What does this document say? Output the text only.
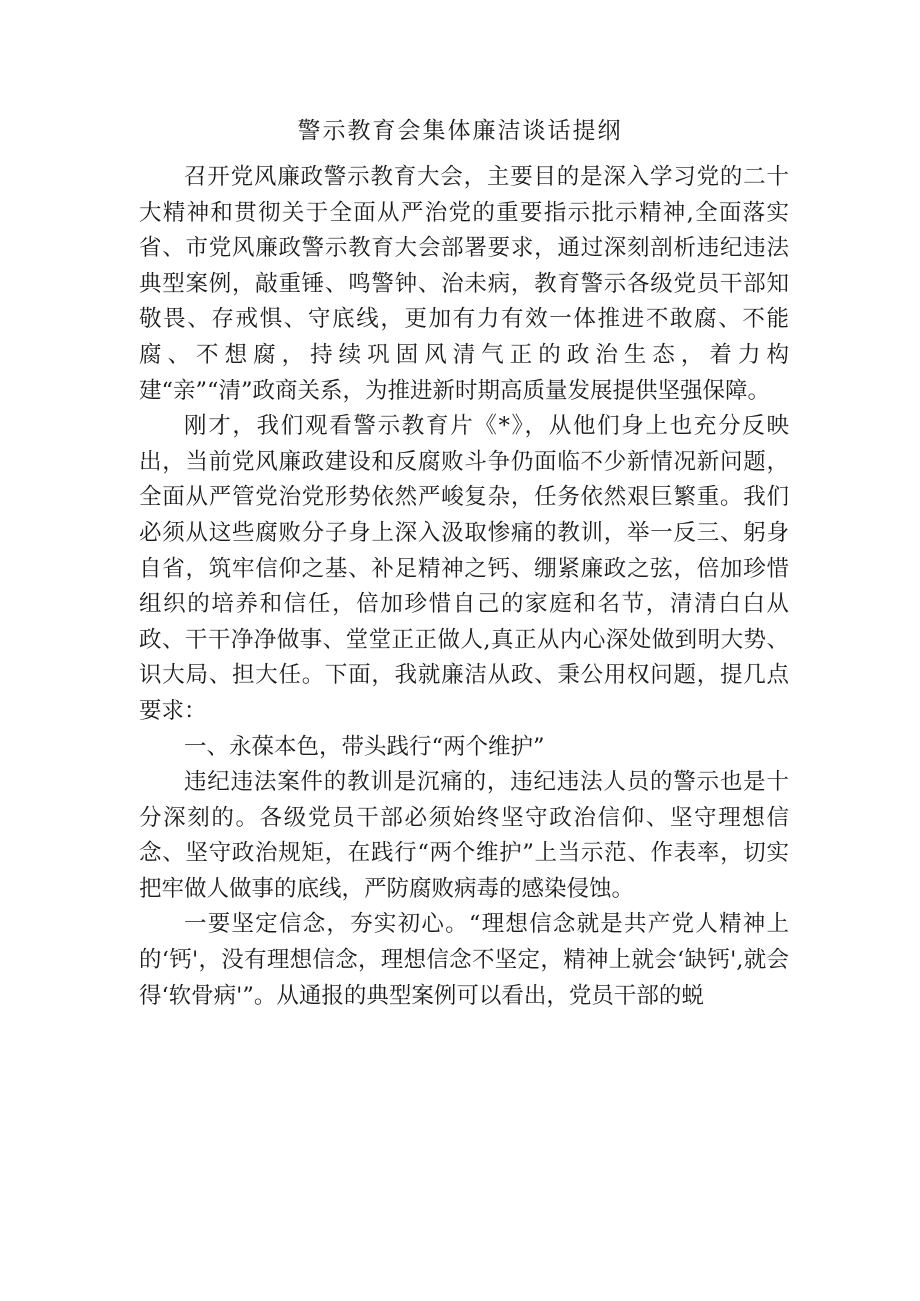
警示教育会集体廉洁谈话提纲

召开党风廉政警示教育大会，主要目的是深入学习党的二十大精神和贯彻关于全面从严治党的重要指示批示精神,全面落实省、市党风廉政警示教育大会部署要求，通过深刻剖析违纪违法典型案例，敲重锤、鸣警钟、治未病，教育警示各级党员干部知敬畏、存戒惧、守底线，更加有力有效一体推进不敢腐、不能腐、不想腐，持续巩固风清气正的政治生态，着力构建“亲”“清”政商关系，为推进新时期高质量发展提供坚强保障。

刚才，我们观看警示教育片《*》，从他们身上也充分反映出，当前党风廉政建设和反腐败斗争仍面临不少新情况新问题，全面从严管党治党形势依然严峻复杂，任务依然艰巨繁重。我们必须从这些腐败分子身上深入汲取惨痛的教训，举一反三、躬身自省，筑牢信仰之基、补足精神之钙、绷紧廉政之弦，倍加珍惜组织的培养和信任，倍加珍惜自己的家庭和名节，清清白白从政、干干净净做事、堂堂正正做人,真正从内心深处做到明大势、识大局、担大任。下面，我就廉洁从政、秉公用权问题，提几点要求：

一、永葆本色，带头践行“两个维护”

违纪违法案件的教训是沉痛的，违纪违法人员的警示也是十分深刻的。各级党员干部必须始终坚守政治信仰、坚守理想信念、坚守政治规矩，在践行“两个维护”上当示范、作表率，切实把牢做人做事的底线，严防腐败病毒的感染侵蚀。

一要坚定信念，夯实初心。“理想信念就是共产党人精神上的‘钙'，没有理想信念，理想信念不坚定，精神上就会‘缺钙',就会得‘软骨病'”。从通报的典型案例可以看出，党员干部的蜕
